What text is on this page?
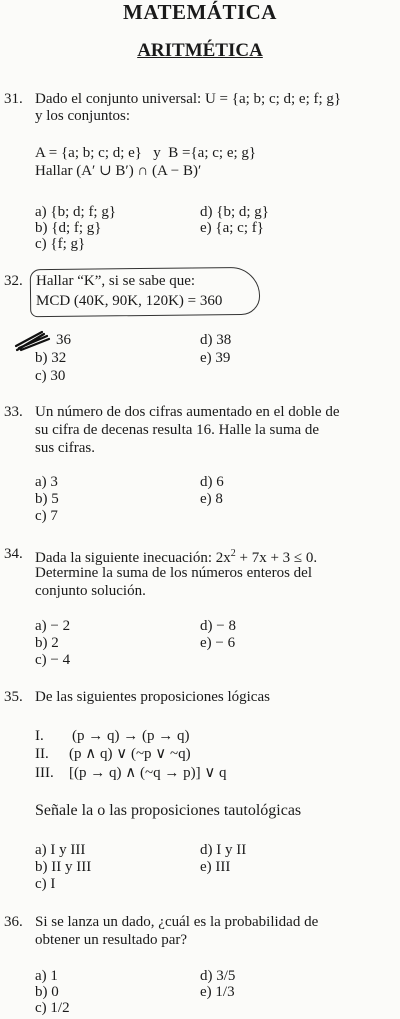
MATEMÁTICA
ARITMÉTICA
31. Dado el conjunto universal: U = {a; b; c; d; e; f; g}
y los conjuntos:
A = {a; b; c; d; e}   y  B ={a; c; e; g}
Hallar (A′ ∪ B′) ∩ (A − B)′
a) {b; d; f; g}
b) {d; f; g}
c) {f; g}
d) {b; d; g}
e) {a; c; f}
32. Hallar “K”, si se sabe que:
MCD (40K, 90K, 120K) = 360
36
b) 32
c) 30
d) 38
e) 39
33. Un número de dos cifras aumentado en el doble de
su cifra de decenas resulta 16. Halle la suma de
sus cifras.
a) 3
b) 5
c) 7
d) 6
e) 8
34. Dada la siguiente inecuación: $2x^2 + 7x + 3 \le 0$.
Determine la suma de los números enteros del
conjunto solución.
a) − 2
b) 2
c) − 4
d) − 8
e) − 6
35. De las siguientes proposiciones lógicas
I. (p → q) → (p → q)
II. (p ∧ q) ∨ (~p ∨ ~q)
III. [(p → q) ∧ (~q → p)] ∨ q
Señale la o las proposiciones tautológicas
a) I y III
b) II y III
c) I
d) I y II
e) III
36. Si se lanza un dado, ¿cuál es la probabilidad de
obtener un resultado par?
a) 1
b) 0
c) 1/2
d) 3/5
e) 1/3
